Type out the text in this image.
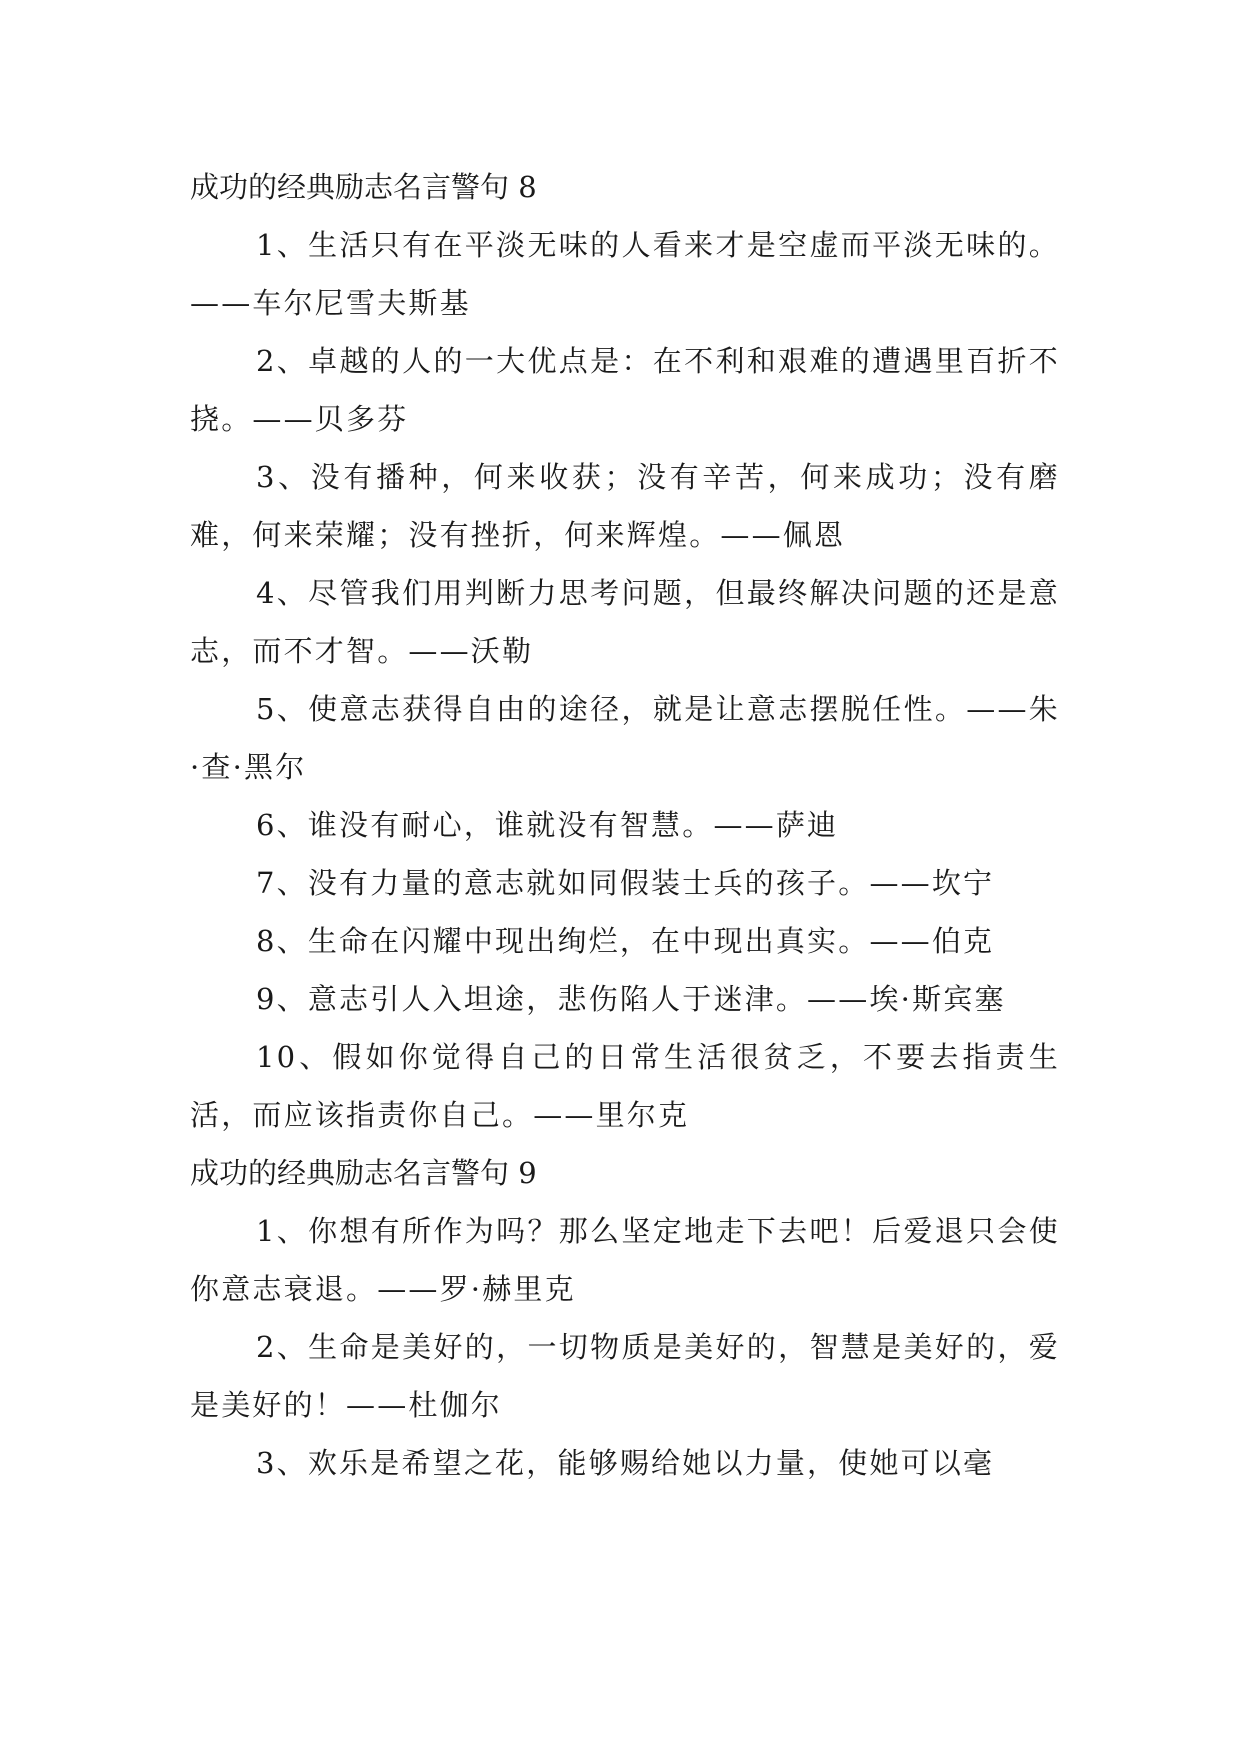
成功的经典励志名言警句 8

1、生活只有在平淡无味的人看来才是空虚而平淡无味的。——车尔尼雪夫斯基

2、卓越的人的一大优点是：在不利和艰难的遭遇里百折不挠。——贝多芬

3、没有播种，何来收获；没有辛苦，何来成功；没有磨难，何来荣耀；没有挫折，何来辉煌。——佩恩

4、尽管我们用判断力思考问题，但最终解决问题的还是意志，而不才智。——沃勒

5、使意志获得自由的途径，就是让意志摆脱任性。——朱·查·黑尔

6、谁没有耐心，谁就没有智慧。——萨迪

7、没有力量的意志就如同假装士兵的孩子。——坎宁

8、生命在闪耀中现出绚烂，在中现出真实。——伯克

9、意志引人入坦途，悲伤陷人于迷津。——埃·斯宾塞

10、假如你觉得自己的日常生活很贫乏，不要去指责生活，而应该指责你自己。——里尔克

成功的经典励志名言警句 9

1、你想有所作为吗？那么坚定地走下去吧！后爱退只会使你意志衰退。——罗·赫里克

2、生命是美好的，一切物质是美好的，智慧是美好的，爱是美好的！——杜伽尔

3、欢乐是希望之花，能够赐给她以力量，使她可以毫
